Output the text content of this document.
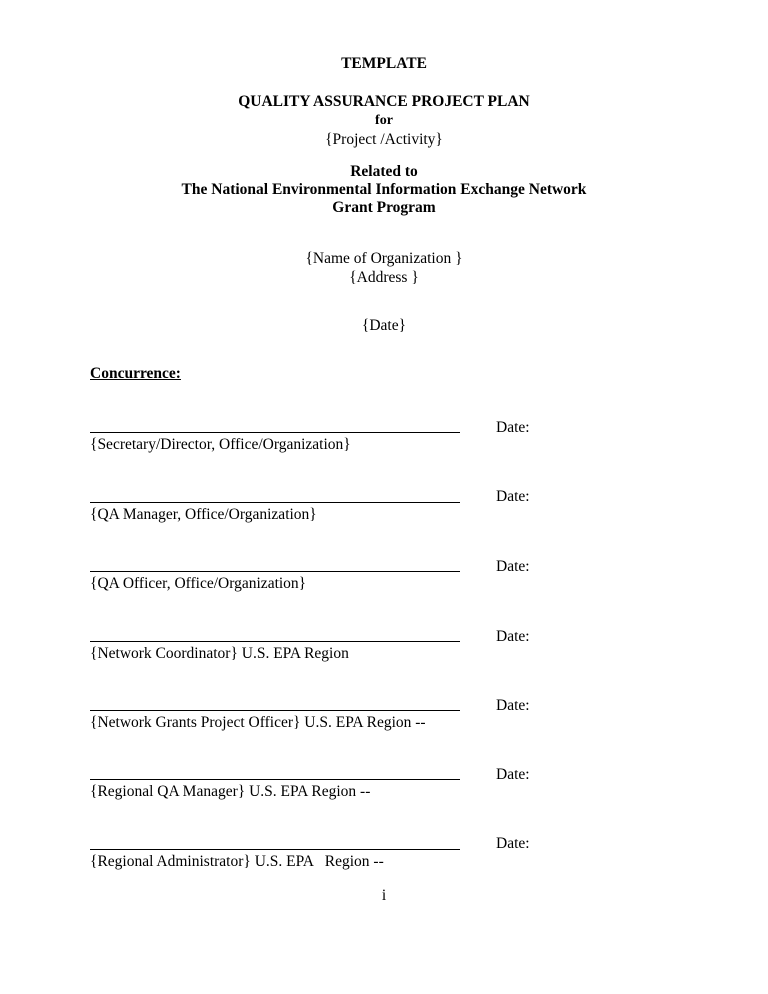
TEMPLATE

QUALITY ASSURANCE PROJECT PLAN

for

{Project /Activity}

Related to

The National Environmental Information Exchange Network

Grant Program

{Name of Organization }

{Address }

{Date}

Concurrence:

Date:

{Secretary/Director, Office/Organization}

Date:

{QA Manager, Office/Organization}

Date:

{QA Officer, Office/Organization}

Date:

{Network Coordinator} U.S. EPA Region

Date:

{Network Grants Project Officer} U.S. EPA Region --

Date:

{Regional QA Manager} U.S. EPA Region --

Date:

{Regional Administrator} U.S. EPA   Region --

i
